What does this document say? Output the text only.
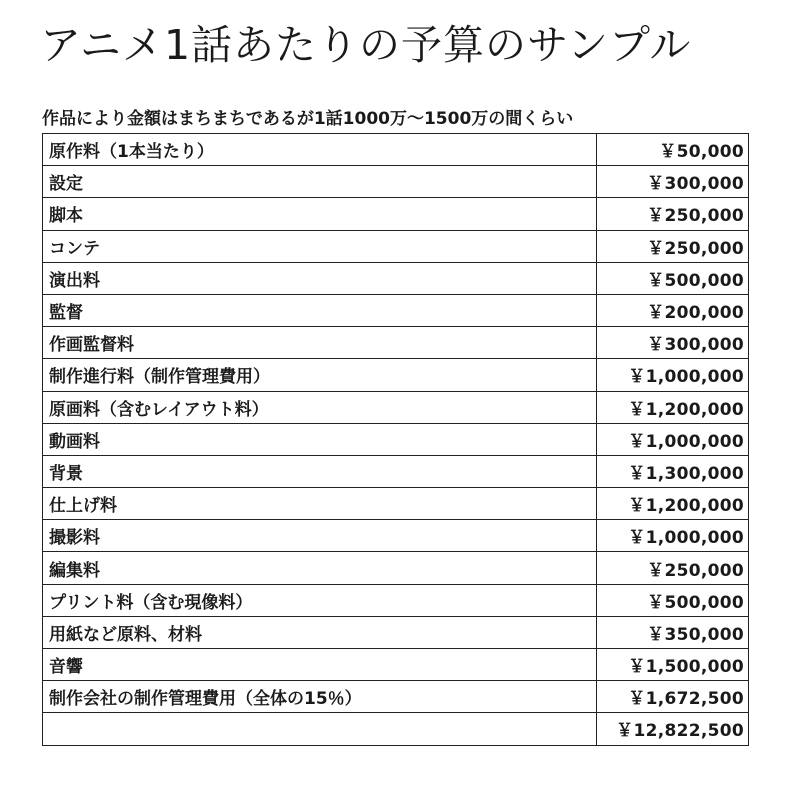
アニメ1話あたりの予算のサンプル
作品により金額はまちまちであるが1話1000万〜1500万の間くらい
原作料（1本当たり）	￥50,000
設定	￥300,000
脚本	￥250,000
コンテ	￥250,000
演出料	￥500,000
監督	￥200,000
作画監督料	￥300,000
制作進行料（制作管理費用）	￥1,000,000
原画料（含むレイアウト料）	￥1,200,000
動画料	￥1,000,000
背景	￥1,300,000
仕上げ料	￥1,200,000
撮影料	￥1,000,000
編集料	￥250,000
プリント料（含む現像料）	￥500,000
用紙など原料、材料	￥350,000
音響	￥1,500,000
制作会社の制作管理費用（全体の15％）	￥1,672,500
	￥12,822,500
